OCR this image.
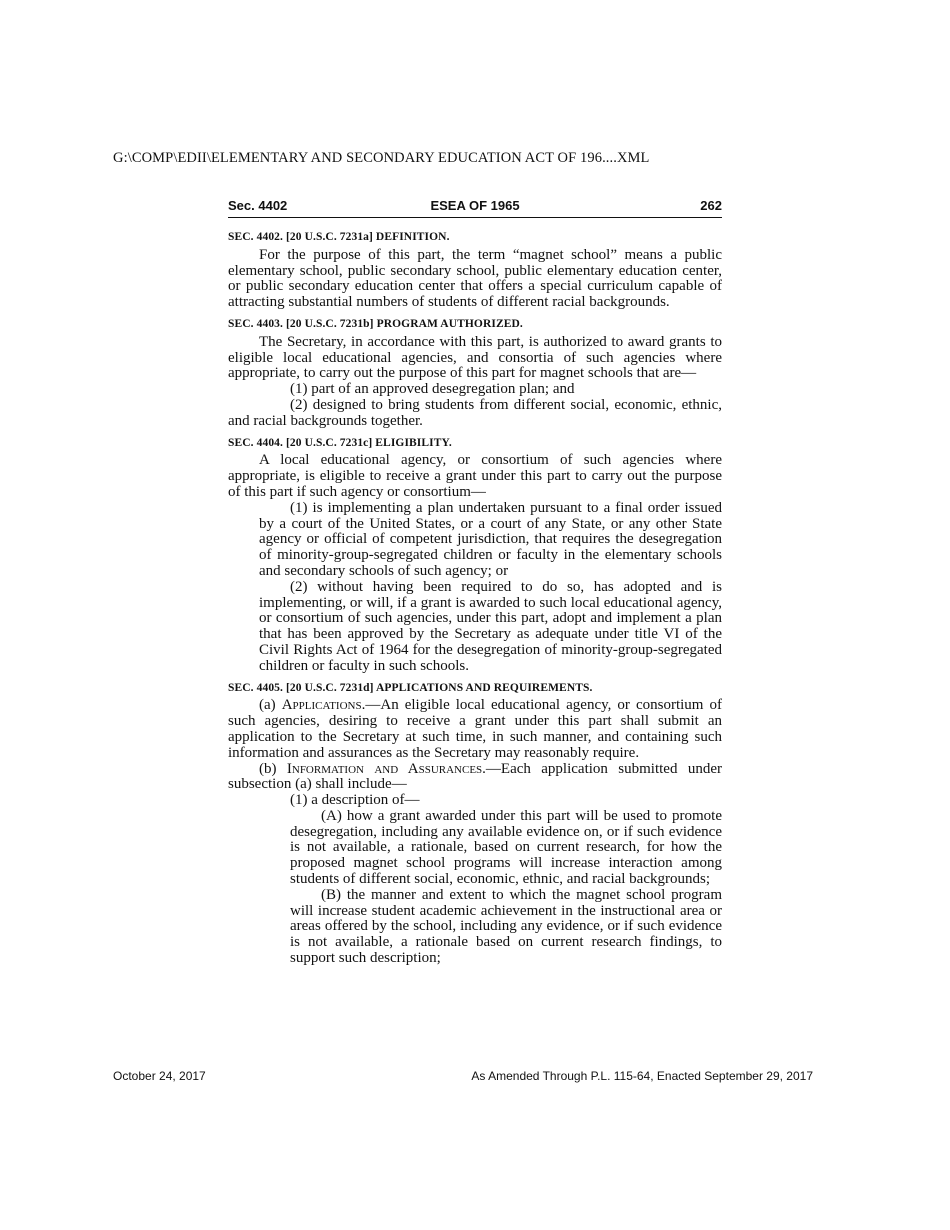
G:\COMP\EDII\ELEMENTARY AND SECONDARY EDUCATION ACT OF 196....XML
Sec. 4402	ESEA OF 1965	262

SEC. 4402. [20 U.S.C. 7231a] DEFINITION.

For the purpose of this part, the term “magnet school” means a public elementary school, public secondary school, public elementary education center, or public secondary education center that offers a special curriculum capable of attracting substantial numbers of students of different racial backgrounds.

SEC. 4403. [20 U.S.C. 7231b] PROGRAM AUTHORIZED.

The Secretary, in accordance with this part, is authorized to award grants to eligible local educational agencies, and consortia of such agencies where appropriate, to carry out the purpose of this part for magnet schools that are—

(1) part of an approved desegregation plan; and

(2) designed to bring students from different social, economic, ethnic, and racial backgrounds together.

SEC. 4404. [20 U.S.C. 7231c] ELIGIBILITY.

A local educational agency, or consortium of such agencies where appropriate, is eligible to receive a grant under this part to carry out the purpose of this part if such agency or consortium—

(1) is implementing a plan undertaken pursuant to a final order issued by a court of the United States, or a court of any State, or any other State agency or official of competent jurisdiction, that requires the desegregation of minority-group-segregated children or faculty in the elementary schools and secondary schools of such agency; or

(2) without having been required to do so, has adopted and is implementing, or will, if a grant is awarded to such local educational agency, or consortium of such agencies, under this part, adopt and implement a plan that has been approved by the Secretary as adequate under title VI of the Civil Rights Act of 1964 for the desegregation of minority-group-segregated children or faculty in such schools.

SEC. 4405. [20 U.S.C. 7231d] APPLICATIONS AND REQUIREMENTS.

(a) Applications.—An eligible local educational agency, or consortium of such agencies, desiring to receive a grant under this part shall submit an application to the Secretary at such time, in such manner, and containing such information and assurances as the Secretary may reasonably require.

(b) Information and Assurances.—Each application submitted under subsection (a) shall include—

(1) a description of—

(A) how a grant awarded under this part will be used to promote desegregation, including any available evidence on, or if such evidence is not available, a rationale, based on current research, for how the proposed magnet school programs will increase interaction among students of different social, economic, ethnic, and racial backgrounds;

(B) the manner and extent to which the magnet school program will increase student academic achievement in the instructional area or areas offered by the school, including any evidence, or if such evidence is not available, a rationale based on current research findings, to support such description;

October 24, 2017	As Amended Through P.L. 115-64, Enacted September 29, 2017
